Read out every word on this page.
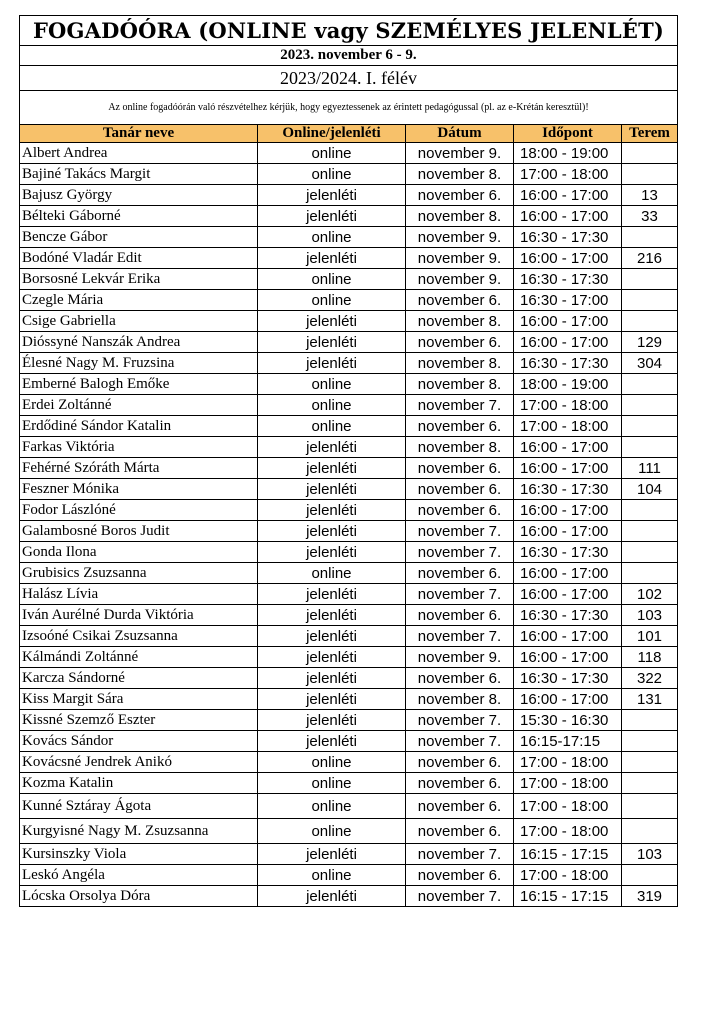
FOGADÓÓRA (ONLINE vagy SZEMÉLYES JELENLÉT)				
2023. november 6 - 9.				
2023/2024. I. félév				
Az online fogadóórán való részvételhez kérjük, hogy egyeztessenek az érintett pedagógussal (pl. az e-Krétán keresztül)!				
Tanár neve	Online/jelenléti	Dátum	Időpont	Terem
Albert Andrea	online	november 9.	18:00 - 19:00	
Bajiné Takács Margit	online	november 8.	17:00 - 18:00	
Bajusz György	jelenléti	november 6.	16:00 - 17:00	13
Bélteki Gáborné	jelenléti	november 8.	16:00 - 17:00	33
Bencze Gábor	online	november 9.	16:30 - 17:30	
Bodóné Vladár Edit	jelenléti	november 9.	16:00 - 17:00	216
Borsosné Lekvár Erika	online	november 9.	16:30 - 17:30	
Czegle Mária	online	november 6.	16:30 - 17:00	
Csige Gabriella	jelenléti	november 8.	16:00 - 17:00	
Dióssyné Nanszák Andrea	jelenléti	november 6.	16:00 - 17:00	129
Élesné Nagy M. Fruzsina	jelenléti	november 8.	16:30 - 17:30	304
Emberné Balogh Emőke	online	november 8.	18:00 - 19:00	
Erdei Zoltánné	online	november 7.	17:00 - 18:00	
Erdődiné Sándor Katalin	online	november 6.	17:00 - 18:00	
Farkas Viktória	jelenléti	november 8.	16:00 - 17:00	
Fehérné Szóráth Márta	jelenléti	november 6.	16:00 - 17:00	111
Feszner Mónika	jelenléti	november 6.	16:30 - 17:30	104
Fodor Lászlóné	jelenléti	november 6.	16:00 - 17:00	
Galambosné Boros Judit	jelenléti	november 7.	16:00 - 17:00	
Gonda Ilona	jelenléti	november 7.	16:30 - 17:30	
Grubisics Zsuzsanna	online	november 6.	16:00 - 17:00	
Halász Lívia	jelenléti	november 7.	16:00 - 17:00	102
Iván Aurélné Durda Viktória	jelenléti	november 6.	16:30 - 17:30	103
Izsoóné Csikai Zsuzsanna	jelenléti	november 7.	16:00 - 17:00	101
Kálmándi Zoltánné	jelenléti	november 9.	16:00 - 17:00	118
Karcza Sándorné	jelenléti	november 6.	16:30 - 17:30	322
Kiss Margit Sára	jelenléti	november 8.	16:00 - 17:00	131
Kissné Szemző Eszter	jelenléti	november 7.	15:30 - 16:30	
Kovács Sándor	jelenléti	november 7.	16:15-17:15	
Kovácsné Jendrek Anikó	online	november 6.	17:00 - 18:00	
Kozma Katalin	online	november 6.	17:00 - 18:00	
Kunné Sztáray Ágota	online	november 6.	17:00 - 18:00	
Kurgyisné Nagy M. Zsuzsanna	online	november 6.	17:00 - 18:00	
Kursinszky Viola	jelenléti	november 7.	16:15 - 17:15	103
Leskó Angéla	online	november 6.	17:00 - 18:00	
Lócska Orsolya Dóra	jelenléti	november 7.	16:15 - 17:15	319
